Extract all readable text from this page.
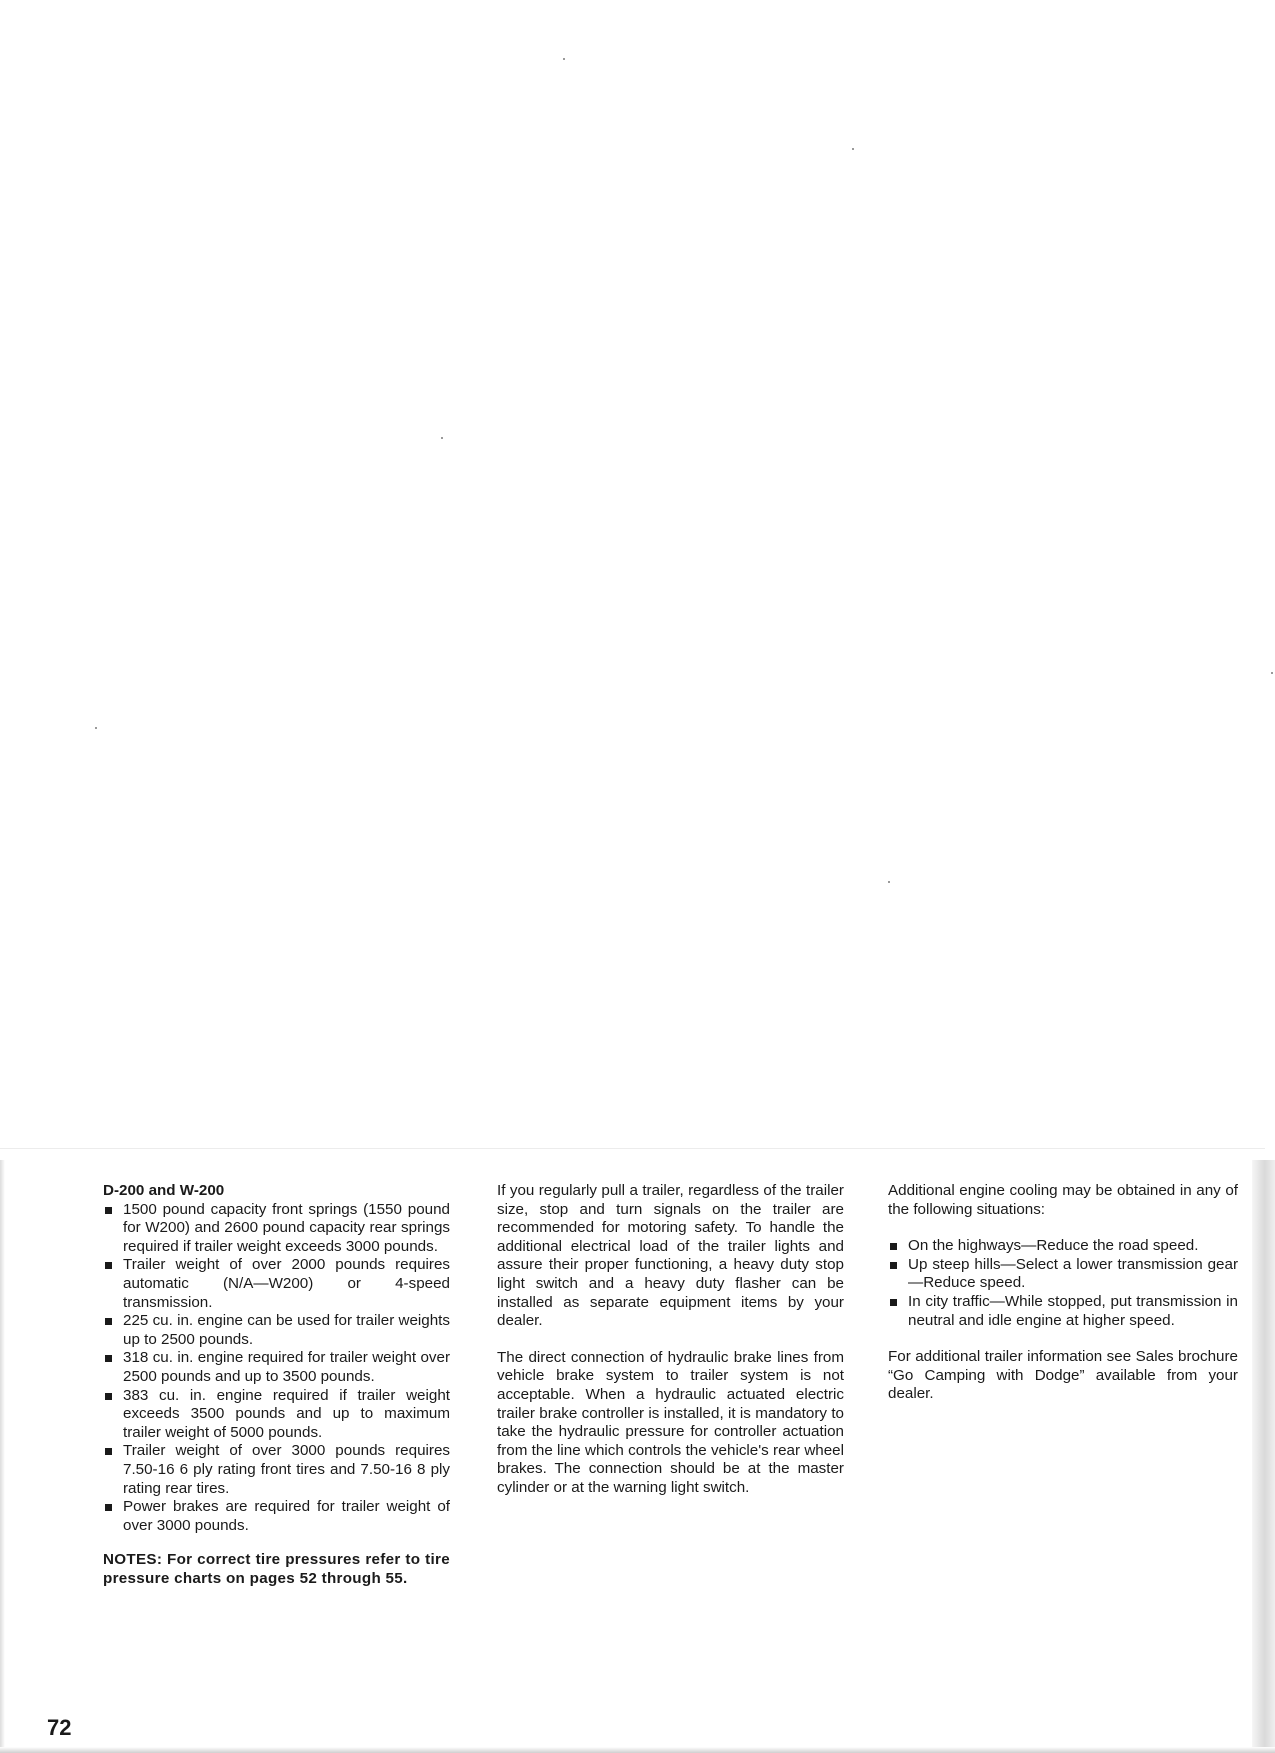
D-200 and W-200

1500 pound capacity front springs (1550 pound for W200) and 2600 pound capacity rear springs required if trailer weight exceeds 3000 pounds.
Trailer weight of over 2000 pounds requires automatic (N/A—W200) or 4-speed transmission.
225 cu. in. engine can be used for trailer weights up to 2500 pounds.
318 cu. in. engine required for trailer weight over 2500 pounds and up to 3500 pounds.
383 cu. in. engine required if trailer weight exceeds 3500 pounds and up to maximum trailer weight of 5000 pounds.
Trailer weight of over 3000 pounds requires 7.50-16 6 ply rating front tires and 7.50-16 8 ply rating rear tires.
Power brakes are required for trailer weight of over 3000 pounds.

NOTES: For correct tire pressures refer to tire pressure charts on pages 52 through 55.

If you regularly pull a trailer, regardless of the trailer size, stop and turn signals on the trailer are recommended for motoring safety. To handle the additional electrical load of the trailer lights and assure their proper functioning, a heavy duty stop light switch and a heavy duty flasher can be installed as separate equipment items by your dealer.

The direct connection of hydraulic brake lines from vehicle brake system to trailer system is not acceptable. When a hydraulic actuated electric trailer brake controller is installed, it is mandatory to take the hydraulic pressure for controller actuation from the line which controls the vehicle's rear wheel brakes. The connection should be at the master cylinder or at the warning light switch.

Additional engine cooling may be obtained in any of the following situations:

On the highways—Reduce the road speed.
Up steep hills—Select a lower transmission gear—Reduce speed.
In city traffic—While stopped, put transmission in neutral and idle engine at higher speed.

For additional trailer information see Sales brochure “Go Camping with Dodge” available from your dealer.

72
